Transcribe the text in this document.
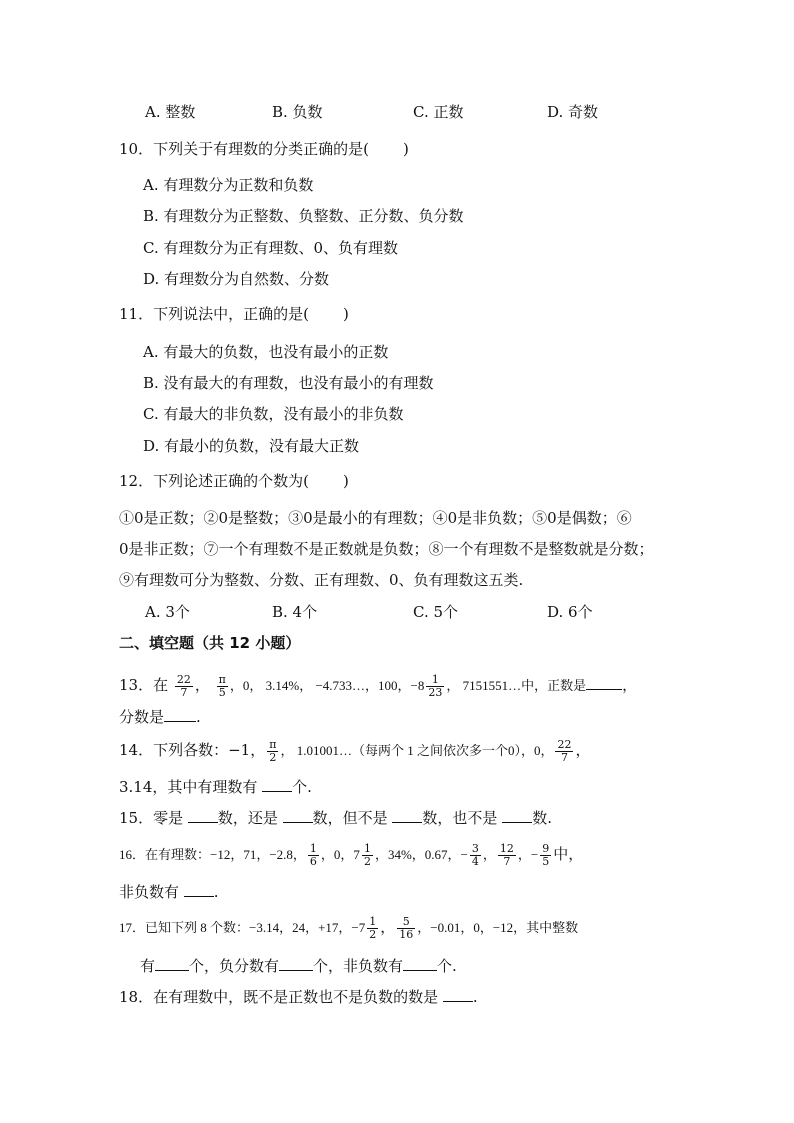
A. 整数	B. 负数	C. 正数	D. 奇数
10．下列关于有理数的分类正确的是( )
A. 有理数分为正数和负数
B. 有理数分为正整数、负整数、正分数、负分数
C. 有理数分为正有理数、0、负有理数
D. 有理数分为自然数、分数
11．下列说法中，正确的是( )
A. 有最大的负数，也没有最小的正数
B. 没有最大的有理数，也没有最小的有理数
C. 有最大的非负数，没有最小的非负数
D. 有最小的负数，没有最大正数
12．下列论述正确的个数为( )
①0是正数；②0是整数；③0是最小的有理数；④0是非负数；⑤0是偶数；⑥
0是非正数；⑦一个有理数不是正数就是负数；⑧一个有理数不是整数就是分数；
⑨有理数可分为整数、分数、正有理数、0、负有理数这五类.
A. 3个	B. 4个	C. 5个	D. 6个
二、填空题（共 12 小题）
13．在 $\frac{22}{7}$ ， $\frac{\pi}{5}$ ，0， 3.14%， −4.733…，100，$-8 \frac{1}{23}$ ， 7151551…中，正数是 ，
分数是 .
14．下列各数：−1， $\frac{\pi}{2}$ ， 1.01001…（每两个 1 之间依次多一个0），0， $\frac{22}{7}$ ，
3.14，其中有理数有 个.
15．零是 数，还是 数，但不是 数，也不是 数.
16．在有理数：−12，71，−2.8， $\frac{1}{6}$ ，0，$7 \frac{1}{2}$ ，34%，0.67，− $\frac{3}{4}$ ， $\frac{12}{7}$ ，− $\frac{9}{5}$ 中，
非负数有 .
17．已知下列 8 个数：−3.14，24，+17，$-7 \frac{1}{2}$ ， $\frac{5}{16}$ ，−0.01，0，−12，其中整数
有 个，负分数有 个，非负数有 个.
18．在有理数中，既不是正数也不是负数的数是 .
